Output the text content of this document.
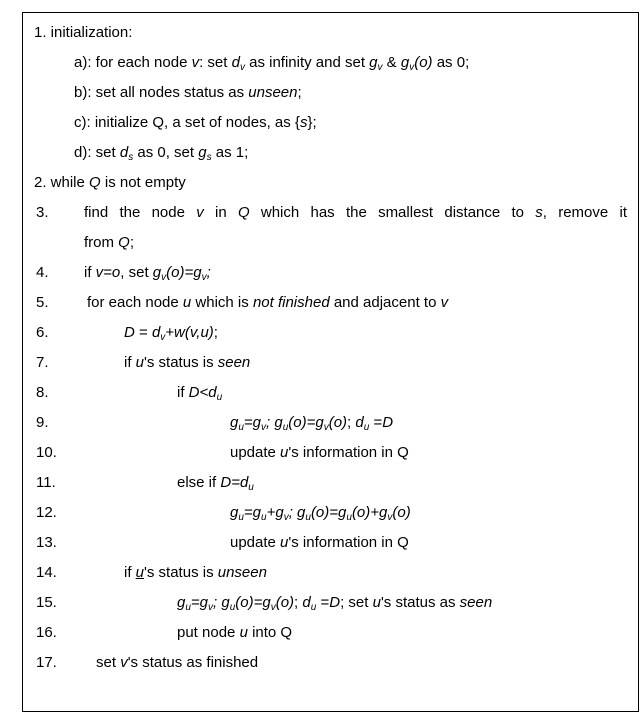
1. initialization:
a): for each node v: set $d_v$ as infinity and set $g_v$ & $g_v(o)$ as 0;
b): set all nodes status as unseen;
c): initialize Q, a set of nodes, as {s};
d): set $d_s$ as 0, set $g_s$ as 1;
2. while Q is not empty
3. find the node v in Q which has the smallest distance to s, remove it
from Q;
4. if v=o, set $g_v(o)=g_v$;
5.	for each node u which is not finished and adjacent to v
6.	$D = d_v+w(v,u)$;
7.	if u's status is seen
8.	if $D<d_u$
9.	$g_u=g_v$; $g_u(o)=g_v(o)$; $d_u =D$
10.	update u's information in Q
11.	else if $D=d_u$
12.	$g_u=g_u+g_v$; $g_u(o)=g_u(o)+g_v(o)$
13.	update u's information in Q
14.	if u's status is unseen
15.	$g_u=g_v$; $g_u(o)=g_v(o)$; $d_u =D$; set u's status as seen
16.	put node u into Q
17.	set v's status as finished
